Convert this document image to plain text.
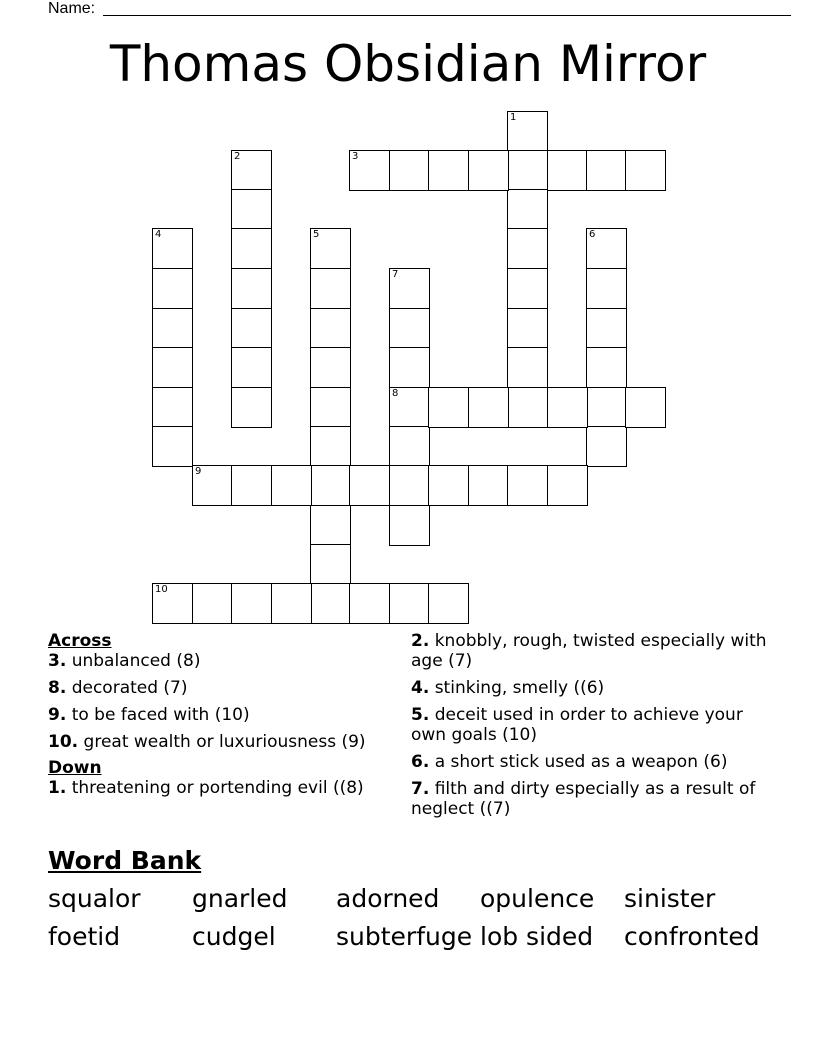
Name:
Thomas Obsidian Mirror
1
2	3
4	5	6
7
8
9
10
Across
3. unbalanced (8)
8. decorated (7)
9. to be faced with (10)
10. great wealth or luxuriousness (9)
Down
1. threatening or portending evil ((8)
2. knobbly, rough, twisted especially with age (7)
4. stinking, smelly ((6)
5. deceit used in order to achieve your own goals (10)
6. a short stick used as a weapon (6)
7. filth and dirty especially as a result of neglect ((7)
Word Bank
squalor gnarled adorned opulence sinister
foetid	cudgel subterfuge lob sided confronted
